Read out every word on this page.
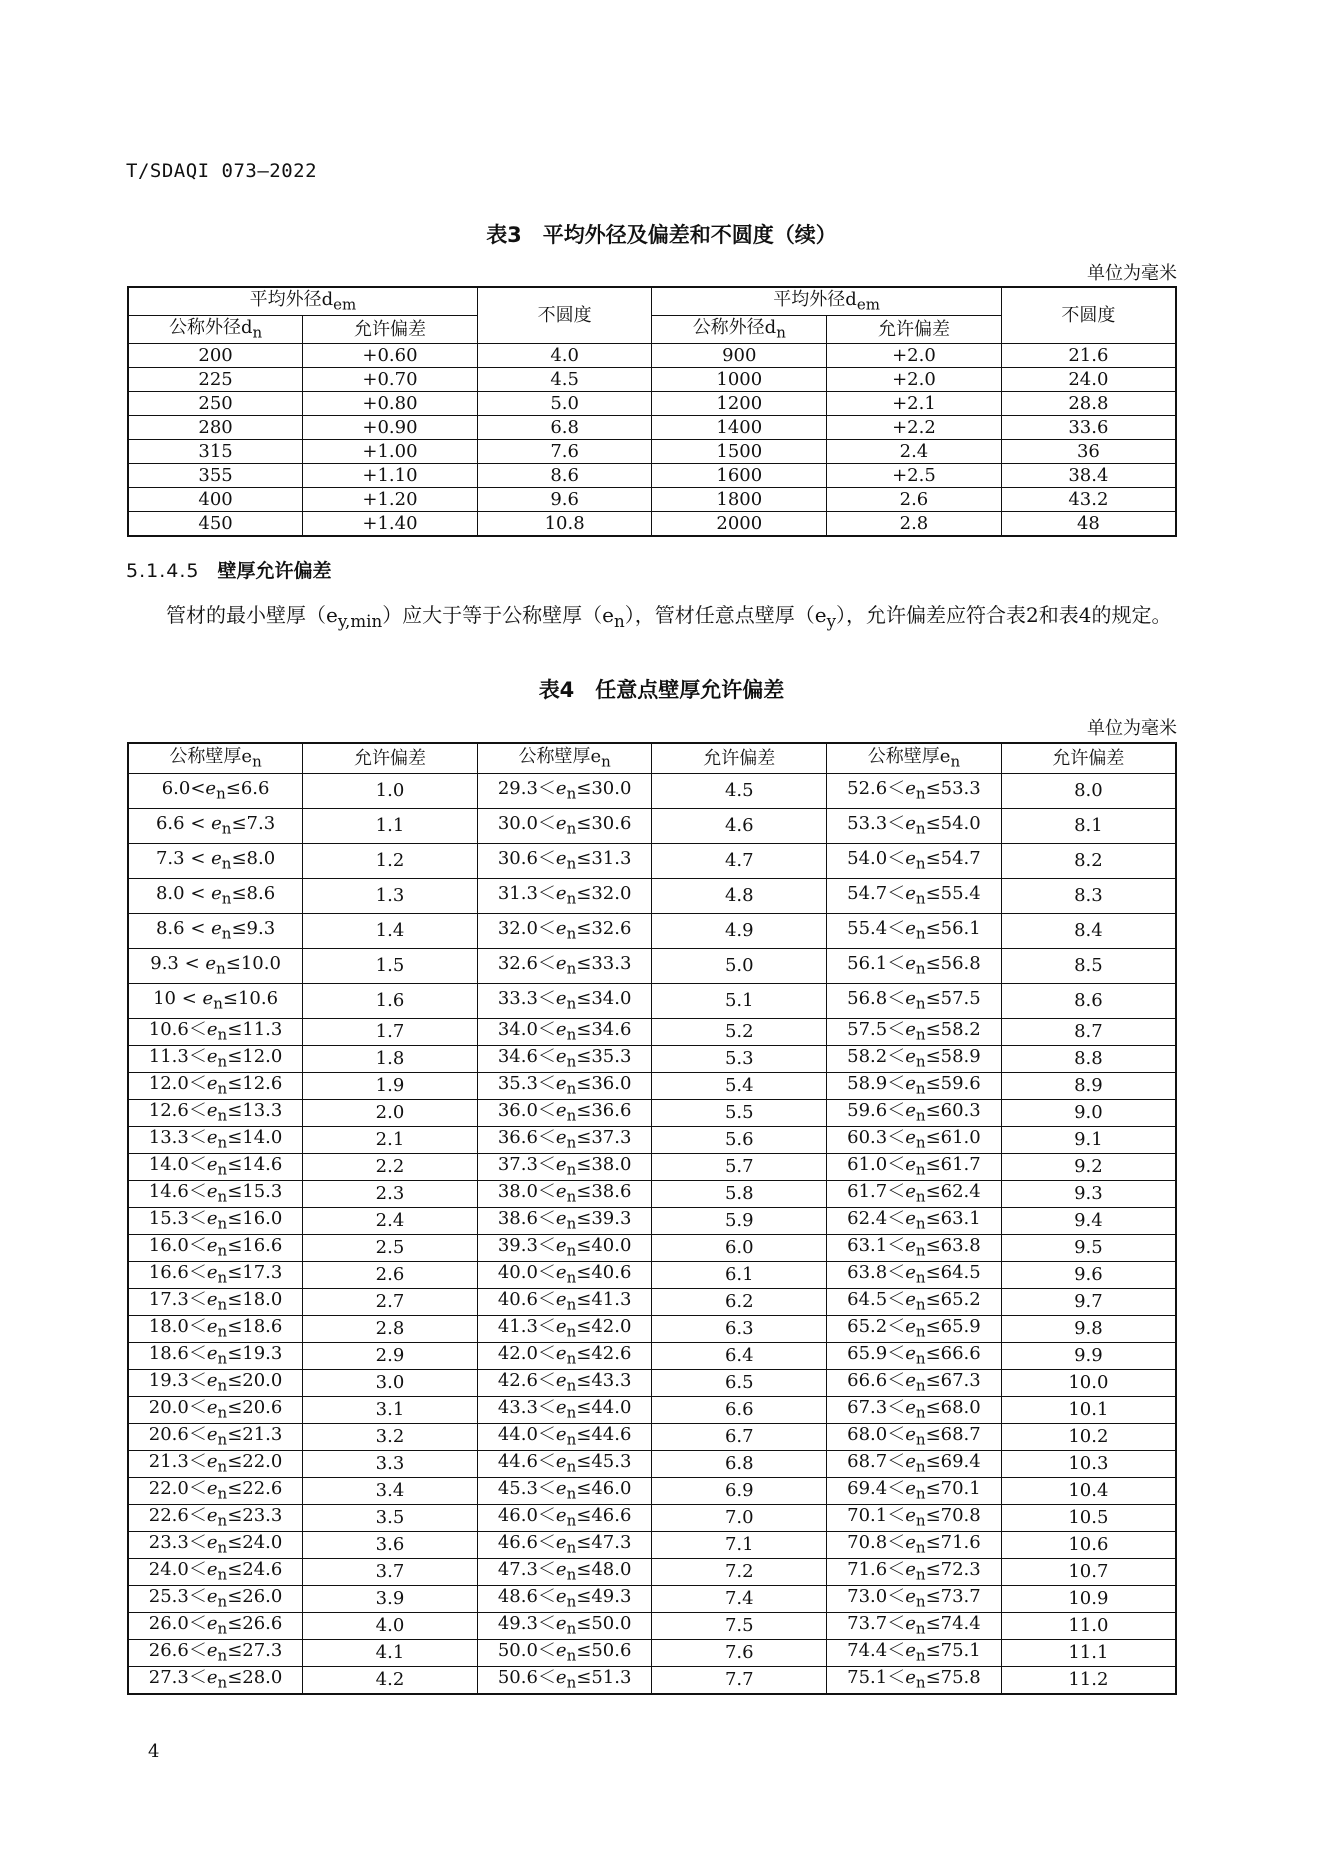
T/SDAQI 073—2022
表3　平均外径及偏差和不圆度（续）
单位为毫米
平均外径$d_{em}$		不圆度	平均外径$d_{em}$		不圆度
公称外径$d_n$	允许偏差		公称外径$d_n$	允许偏差	
200	+0.60	4.0	900	+2.0	21.6
225	+0.70	4.5	1000	+2.0	24.0
250	+0.80	5.0	1200	+2.1	28.8
280	+0.90	6.8	1400	+2.2	33.6
315	+1.00	7.6	1500	2.4	36
355	+1.10	8.6	1600	+2.5	38.4
400	+1.20	9.6	1800	2.6	43.2
450	+1.40	10.8	2000	2.8	48
5.1.4.5 壁厚允许偏差
管材的最小壁厚$(e_{y,min})$应大于等于公称壁厚$(e_n)$，管材任意点壁厚$(e_y)$，允许偏差应符合表2和表4的规定。
表4　任意点壁厚允许偏差
单位为毫米
公称壁厚$e_n$	允许偏差	公称壁厚$e_n$	允许偏差	公称壁厚$e_n$	允许偏差
$6.0<e_n\le 6.6$	1.0	$29.3<e_n\le 30.0$	4.5	$52.6<e_n\le 53.3$	8.0
$6.6 < e_n\le 7.3$	1.1	$30.0<e_n\le 30.6$	4.6	$53.3<e_n\le 54.0$	8.1
$7.3 < e_n\le 8.0$	1.2	$30.6<e_n\le 31.3$	4.7	$54.0<e_n\le 54.7$	8.2
$8.0 < e_n\le 8.6$	1.3	$31.3<e_n\le 32.0$	4.8	$54.7<e_n\le 55.4$	8.3
$8.6 < e_n\le 9.3$	1.4	$32.0<e_n\le 32.6$	4.9	$55.4<e_n\le 56.1$	8.4
$9.3 < e_n\le 10.0$	1.5	$32.6<e_n\le 33.3$	5.0	$56.1<e_n\le 56.8$	8.5
$10 < e_n\le 10.6$	1.6	$33.3<e_n\le 34.0$	5.1	$56.8<e_n\le 57.5$	8.6
$10.6<e_n\le 11.3$	1.7	$34.0<e_n\le 34.6$	5.2	$57.5<e_n\le 58.2$	8.7
$11.3<e_n\le 12.0$	1.8	$34.6<e_n\le 35.3$	5.3	$58.2<e_n\le 58.9$	8.8
$12.0<e_n\le 12.6$	1.9	$35.3<e_n\le 36.0$	5.4	$58.9<e_n\le 59.6$	8.9
$12.6<e_n\le 13.3$	2.0	$36.0<e_n\le 36.6$	5.5	$59.6<e_n\le 60.3$	9.0
$13.3<e_n\le 14.0$	2.1	$36.6<e_n\le 37.3$	5.6	$60.3<e_n\le 61.0$	9.1
$14.0<e_n\le 14.6$	2.2	$37.3<e_n\le 38.0$	5.7	$61.0<e_n\le 61.7$	9.2
$14.6<e_n\le 15.3$	2.3	$38.0<e_n\le 38.6$	5.8	$61.7<e_n\le 62.4$	9.3
$15.3<e_n\le 16.0$	2.4	$38.6<e_n\le 39.3$	5.9	$62.4<e_n\le 63.1$	9.4
$16.0<e_n\le 16.6$	2.5	$39.3<e_n\le 40.0$	6.0	$63.1<e_n\le 63.8$	9.5
$16.6<e_n\le 17.3$	2.6	$40.0<e_n\le 40.6$	6.1	$63.8<e_n\le 64.5$	9.6
$17.3<e_n\le 18.0$	2.7	$40.6<e_n\le 41.3$	6.2	$64.5<e_n\le 65.2$	9.7
$18.0<e_n\le 18.6$	2.8	$41.3<e_n\le 42.0$	6.3	$65.2<e_n\le 65.9$	9.8
$18.6<e_n\le 19.3$	2.9	$42.0<e_n\le 42.6$	6.4	$65.9<e_n\le 66.6$	9.9
$19.3<e_n\le 20.0$	3.0	$42.6<e_n\le 43.3$	6.5	$66.6<e_n\le 67.3$	10.0
$20.0<e_n\le 20.6$	3.1	$43.3<e_n\le 44.0$	6.6	$67.3<e_n\le 68.0$	10.1
$20.6<e_n\le 21.3$	3.2	$44.0<e_n\le 44.6$	6.7	$68.0<e_n\le 68.7$	10.2
$21.3<e_n\le 22.0$	3.3	$44.6<e_n\le 45.3$	6.8	$68.7<e_n\le 69.4$	10.3
$22.0<e_n\le 22.6$	3.4	$45.3<e_n\le 46.0$	6.9	$69.4<e_n\le 70.1$	10.4
$22.6<e_n\le 23.3$	3.5	$46.0<e_n\le 46.6$	7.0	$70.1<e_n\le 70.8$	10.5
$23.3<e_n\le 24.0$	3.6	$46.6<e_n\le 47.3$	7.1	$70.8<e_n\le 71.6$	10.6
$24.0<e_n\le 24.6$	3.7	$47.3<e_n\le 48.0$	7.2	$71.6<e_n\le 72.3$	10.7
$25.3<e_n\le 26.0$	3.9	$48.6<e_n\le 49.3$	7.4	$73.0<e_n\le 73.7$	10.9
$26.0<e_n\le 26.6$	4.0	$49.3<e_n\le 50.0$	7.5	$73.7<e_n\le 74.4$	11.0
$26.6<e_n\le 27.3$	4.1	$50.0<e_n\le 50.6$	7.6	$74.4<e_n\le 75.1$	11.1
$27.3<e_n\le 28.0$	4.2	$50.6<e_n\le 51.3$	7.7	$75.1<e_n\le 75.8$	11.2
4
